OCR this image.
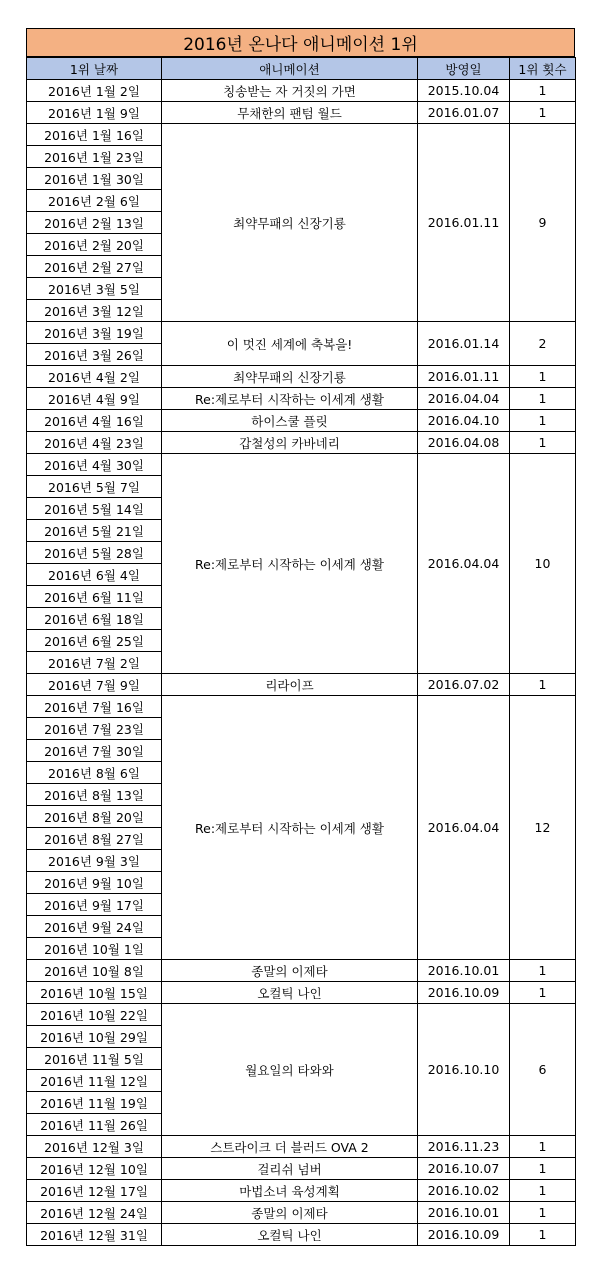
2016년 온나다 애니메이션 1위
1위 날짜	애니메이션	방영일	1위 횟수
2016년 1월 2일	칭송받는 자 거짓의 가면	2015.10.04	1
2016년 1월 9일	무채한의 팬텀 월드	2016.01.07	1
2016년 1월 16일	최약무패의 신장기룡	2016.01.11	9
2016년 1월 23일			
2016년 1월 30일			
2016년 2월 6일			
2016년 2월 13일			
2016년 2월 20일			
2016년 2월 27일			
2016년 3월 5일			
2016년 3월 12일			
2016년 3월 19일	이 멋진 세계에 축복을!	2016.01.14	2
2016년 3월 26일			
2016년 4월 2일	최약무패의 신장기룡	2016.01.11	1
2016년 4월 9일	Re:제로부터 시작하는 이세계 생활	2016.04.04	1
2016년 4월 16일	하이스쿨 플릿	2016.04.10	1
2016년 4월 23일	갑철성의 카바네리	2016.04.08	1
2016년 4월 30일	Re:제로부터 시작하는 이세계 생활	2016.04.04	10
2016년 5월 7일			
2016년 5월 14일			
2016년 5월 21일			
2016년 5월 28일			
2016년 6월 4일			
2016년 6월 11일			
2016년 6월 18일			
2016년 6월 25일			
2016년 7월 2일			
2016년 7월 9일	리라이프	2016.07.02	1
2016년 7월 16일	Re:제로부터 시작하는 이세계 생활	2016.04.04	12
2016년 7월 23일			
2016년 7월 30일			
2016년 8월 6일			
2016년 8월 13일			
2016년 8월 20일			
2016년 8월 27일			
2016년 9월 3일			
2016년 9월 10일			
2016년 9월 17일			
2016년 9월 24일			
2016년 10월 1일			
2016년 10월 8일	종말의 이제타	2016.10.01	1
2016년 10월 15일	오컬틱 나인	2016.10.09	1
2016년 10월 22일	월요일의 타와와	2016.10.10	6
2016년 10월 29일			
2016년 11월 5일			
2016년 11월 12일			
2016년 11월 19일			
2016년 11월 26일			
2016년 12월 3일	스트라이크 더 블러드 OVA 2	2016.11.23	1
2016년 12월 10일	걸리쉬 넘버	2016.10.07	1
2016년 12월 17일	마법소녀 육성계획	2016.10.02	1
2016년 12월 24일	종말의 이제타	2016.10.01	1
2016년 12월 31일	오컬틱 나인	2016.10.09	1
